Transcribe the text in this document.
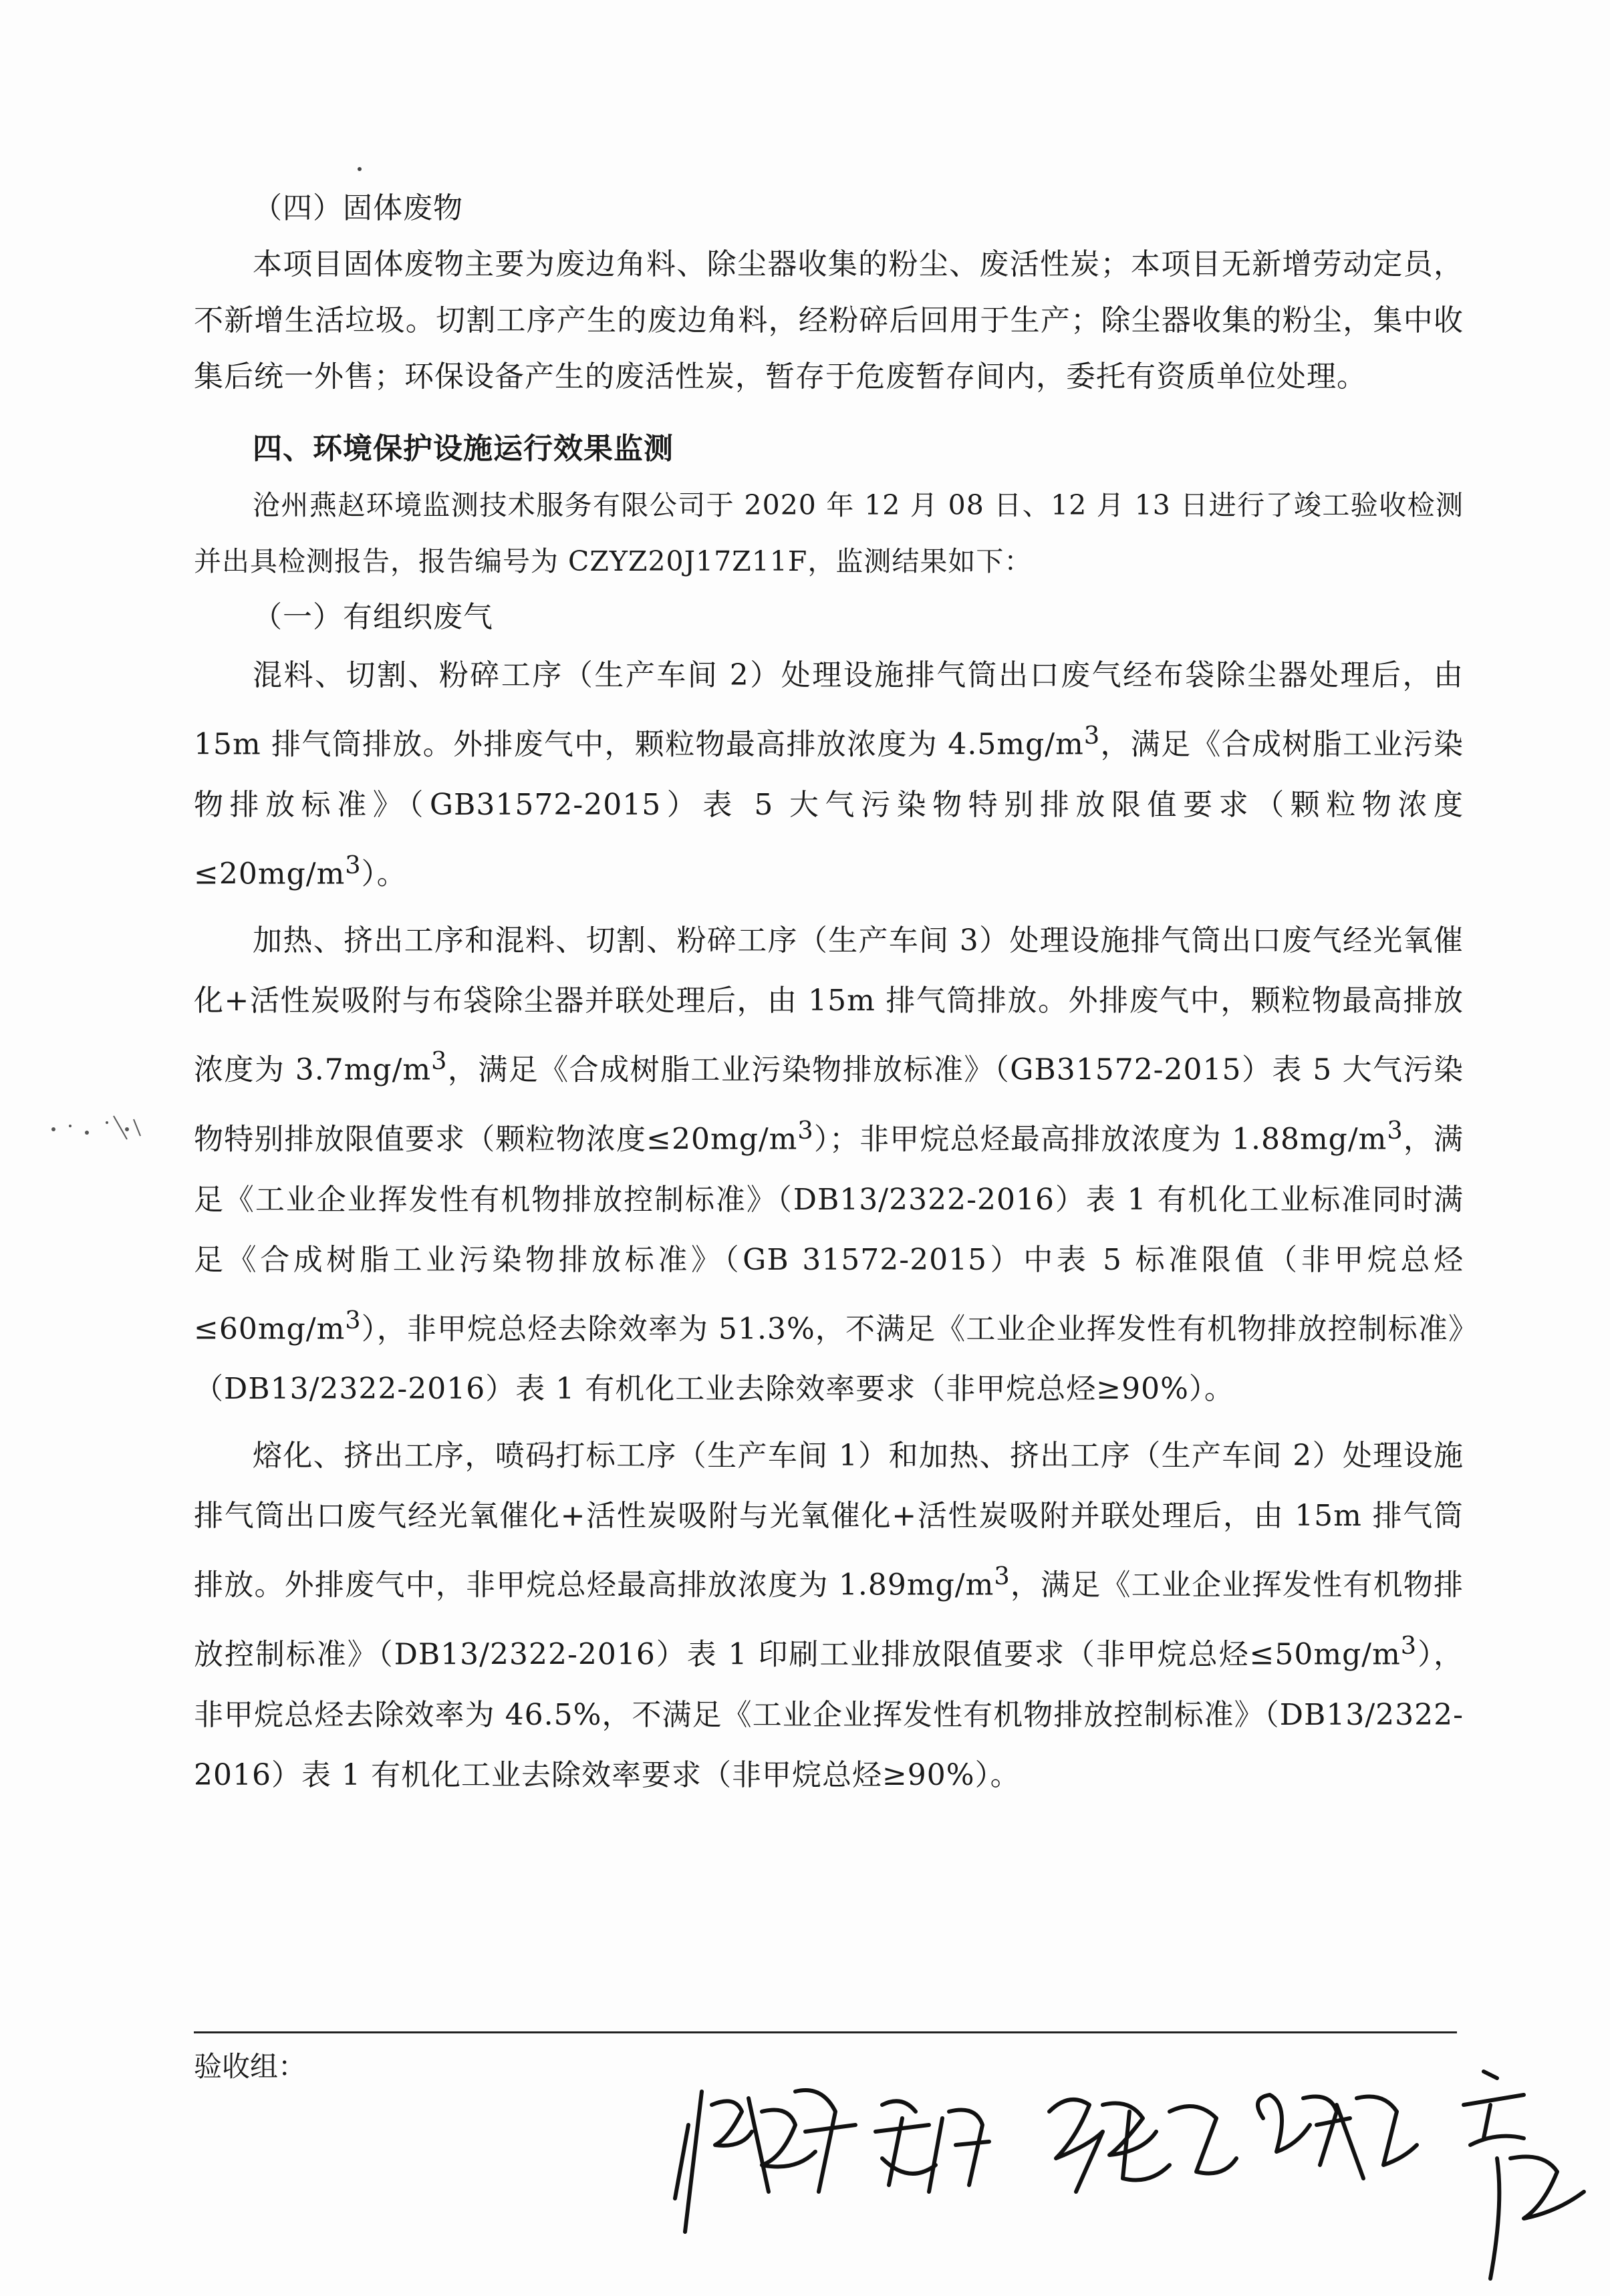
（四）固体废物

本项目固体废物主要为废边角料、除尘器收集的粉尘、废活性炭；本项目无新增劳动定员，不新增生活垃圾。切割工序产生的废边角料，经粉碎后回用于生产；除尘器收集的粉尘，集中收集后统一外售；环保设备产生的废活性炭，暂存于危废暂存间内，委托有资质单位处理。

四、环境保护设施运行效果监测

沧州燕赵环境监测技术服务有限公司于 2020 年 12 月 08 日、12 月 13 日进行了竣工验收检测并出具检测报告，报告编号为 CZYZ20J17Z11F，监测结果如下：

（一）有组织废气

混料、切割、粉碎工序（生产车间 2）处理设施排气筒出口废气经布袋除尘器处理后，由 15m 排气筒排放。外排废气中，颗粒物最高排放浓度为 $4.5mg/m^3$，满足《合成树脂工业污染物排放标准》（GB31572-2015）表 5 大气污染物特别排放限值要求（颗粒物浓度$\le 20mg/m^3$）。

加热、挤出工序和混料、切割、粉碎工序（生产车间 3）处理设施排气筒出口废气经光氧催化+活性炭吸附与布袋除尘器并联处理后，由 15m 排气筒排放。外排废气中，颗粒物最高排放浓度为 $3.7mg/m^3$，满足《合成树脂工业污染物排放标准》（GB31572-2015）表 5 大气污染物特别排放限值要求（颗粒物浓度$\le 20mg/m^3$）；非甲烷总烃最高排放浓度为 $1.88mg/m^3$，满足《工业企业挥发性有机物排放控制标准》（DB13/2322-2016）表 1 有机化工业标准同时满足《合成树脂工业污染物排放标准》（GB 31572-2015）中表 5 标准限值（非甲烷总烃$\le 60mg/m^3$），非甲烷总烃去除效率为 51.3%，不满足《工业企业挥发性有机物排放控制标准》（DB13/2322-2016）表 1 有机化工业去除效率要求（非甲烷总烃≥90%）。

熔化、挤出工序，喷码打标工序（生产车间 1）和加热、挤出工序（生产车间 2）处理设施排气筒出口废气经光氧催化+活性炭吸附与光氧催化+活性炭吸附并联处理后，由 15m 排气筒排放。外排废气中，非甲烷总烃最高排放浓度为 $1.89mg/m^3$，满足《工业企业挥发性有机物排放控制标准》（DB13/2322-2016）表 1 印刷工业排放限值要求（非甲烷总烃$\le 50mg/m^3$），非甲烷总烃去除效率为 46.5%，不满足《工业企业挥发性有机物排放控制标准》（DB13/2322-2016）表 1 有机化工业去除效率要求（非甲烷总烃≥90%）。

验收组：
